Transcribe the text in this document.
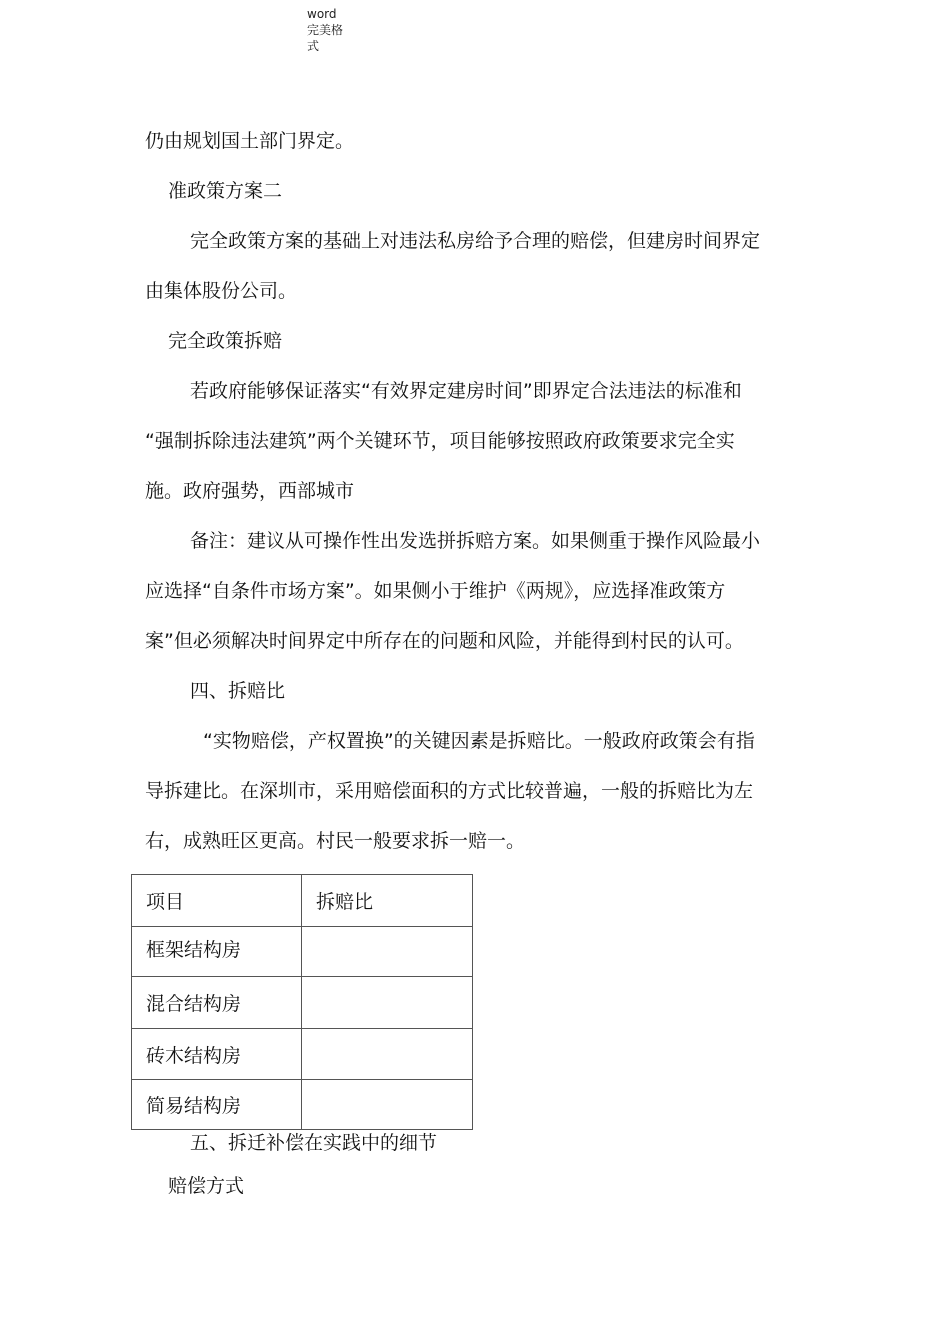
word
完美格
式
仍由规划国土部门界定。
准政策方案二
完全政策方案的基础上对违法私房给予合理的赔偿，但建房时间界定
由集体股份公司。
完全政策拆赔
若政府能够保证落实“有效界定建房时间”即界定合法违法的标准和
“强制拆除违法建筑”两个关键环节，项目能够按照政府政策要求完全实
施。政府强势，西部城市
备注：建议从可操作性出发选拼拆赔方案。如果侧重于操作风险最小
应选择“自条件市场方案”。如果侧小于维护《两规》，应选择准政策方
案”但必须解决时间界定中所存在的问题和风险，并能得到村民的认可。
四、拆赔比
“实物赔偿，产权置换”的关键因素是拆赔比。一般政府政策会有指
导拆建比。在深圳市，采用赔偿面积的方式比较普遍，一般的拆赔比为左
右，成熟旺区更高。村民一般要求拆一赔一。
项目	拆赔比
框架结构房	
混合结构房	
砖木结构房	
简易结构房	
五、拆迁补偿在实践中的细节
赔偿方式
